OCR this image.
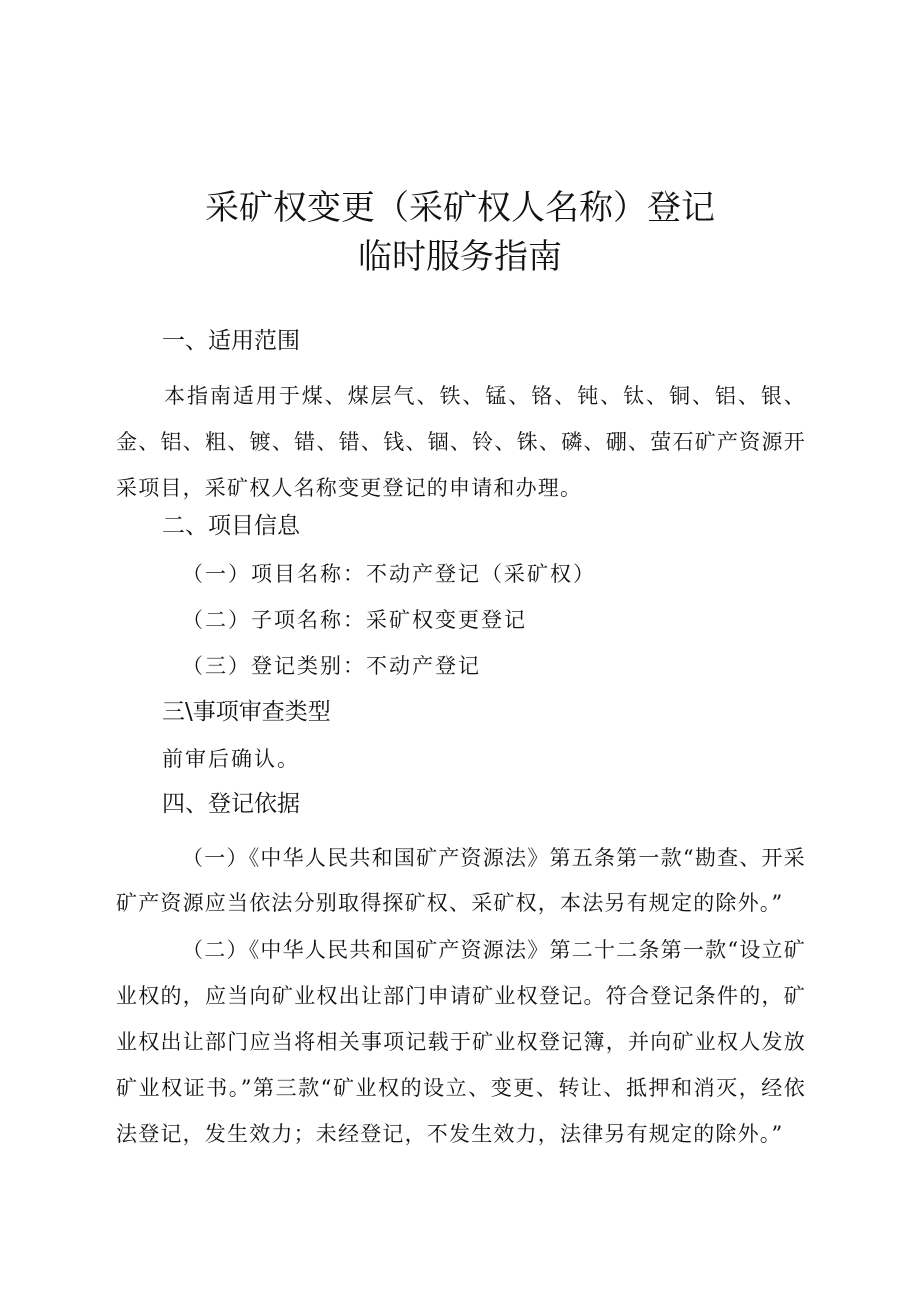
采矿权变更（采矿权人名称）登记
临时服务指南
一、适用范围

本指南适用于煤、煤层气、铁、锰、铬、钝、钛、铜、铝、银、金、铝、粗、镀、错、错、钱、锢、铃、铢、磷、硼、萤石矿产资源开采项目，采矿权人名称变更登记的申请和办理。

二、项目信息

（一）项目名称：不动产登记（采矿权）

（二）子项名称：采矿权变更登记

（三）登记类别：不动产登记

三\事项审查类型

前审后确认。

四、登记依据

（一）《中华人民共和国矿产资源法》第五条第一款“勘查、开采矿产资源应当依法分别取得探矿权、采矿权，本法另有规定的除外。”

（二）《中华人民共和国矿产资源法》第二十二条第一款“设立矿业权的，应当向矿业权出让部门申请矿业权登记。符合登记条件的，矿业权出让部门应当将相关事项记载于矿业权登记簿，并向矿业权人发放矿业权证书。”第三款“矿业权的设立、变更、转让、抵押和消灭，经依法登记，发生效力；未经登记，不发生效力，法律另有规定的除外。”
